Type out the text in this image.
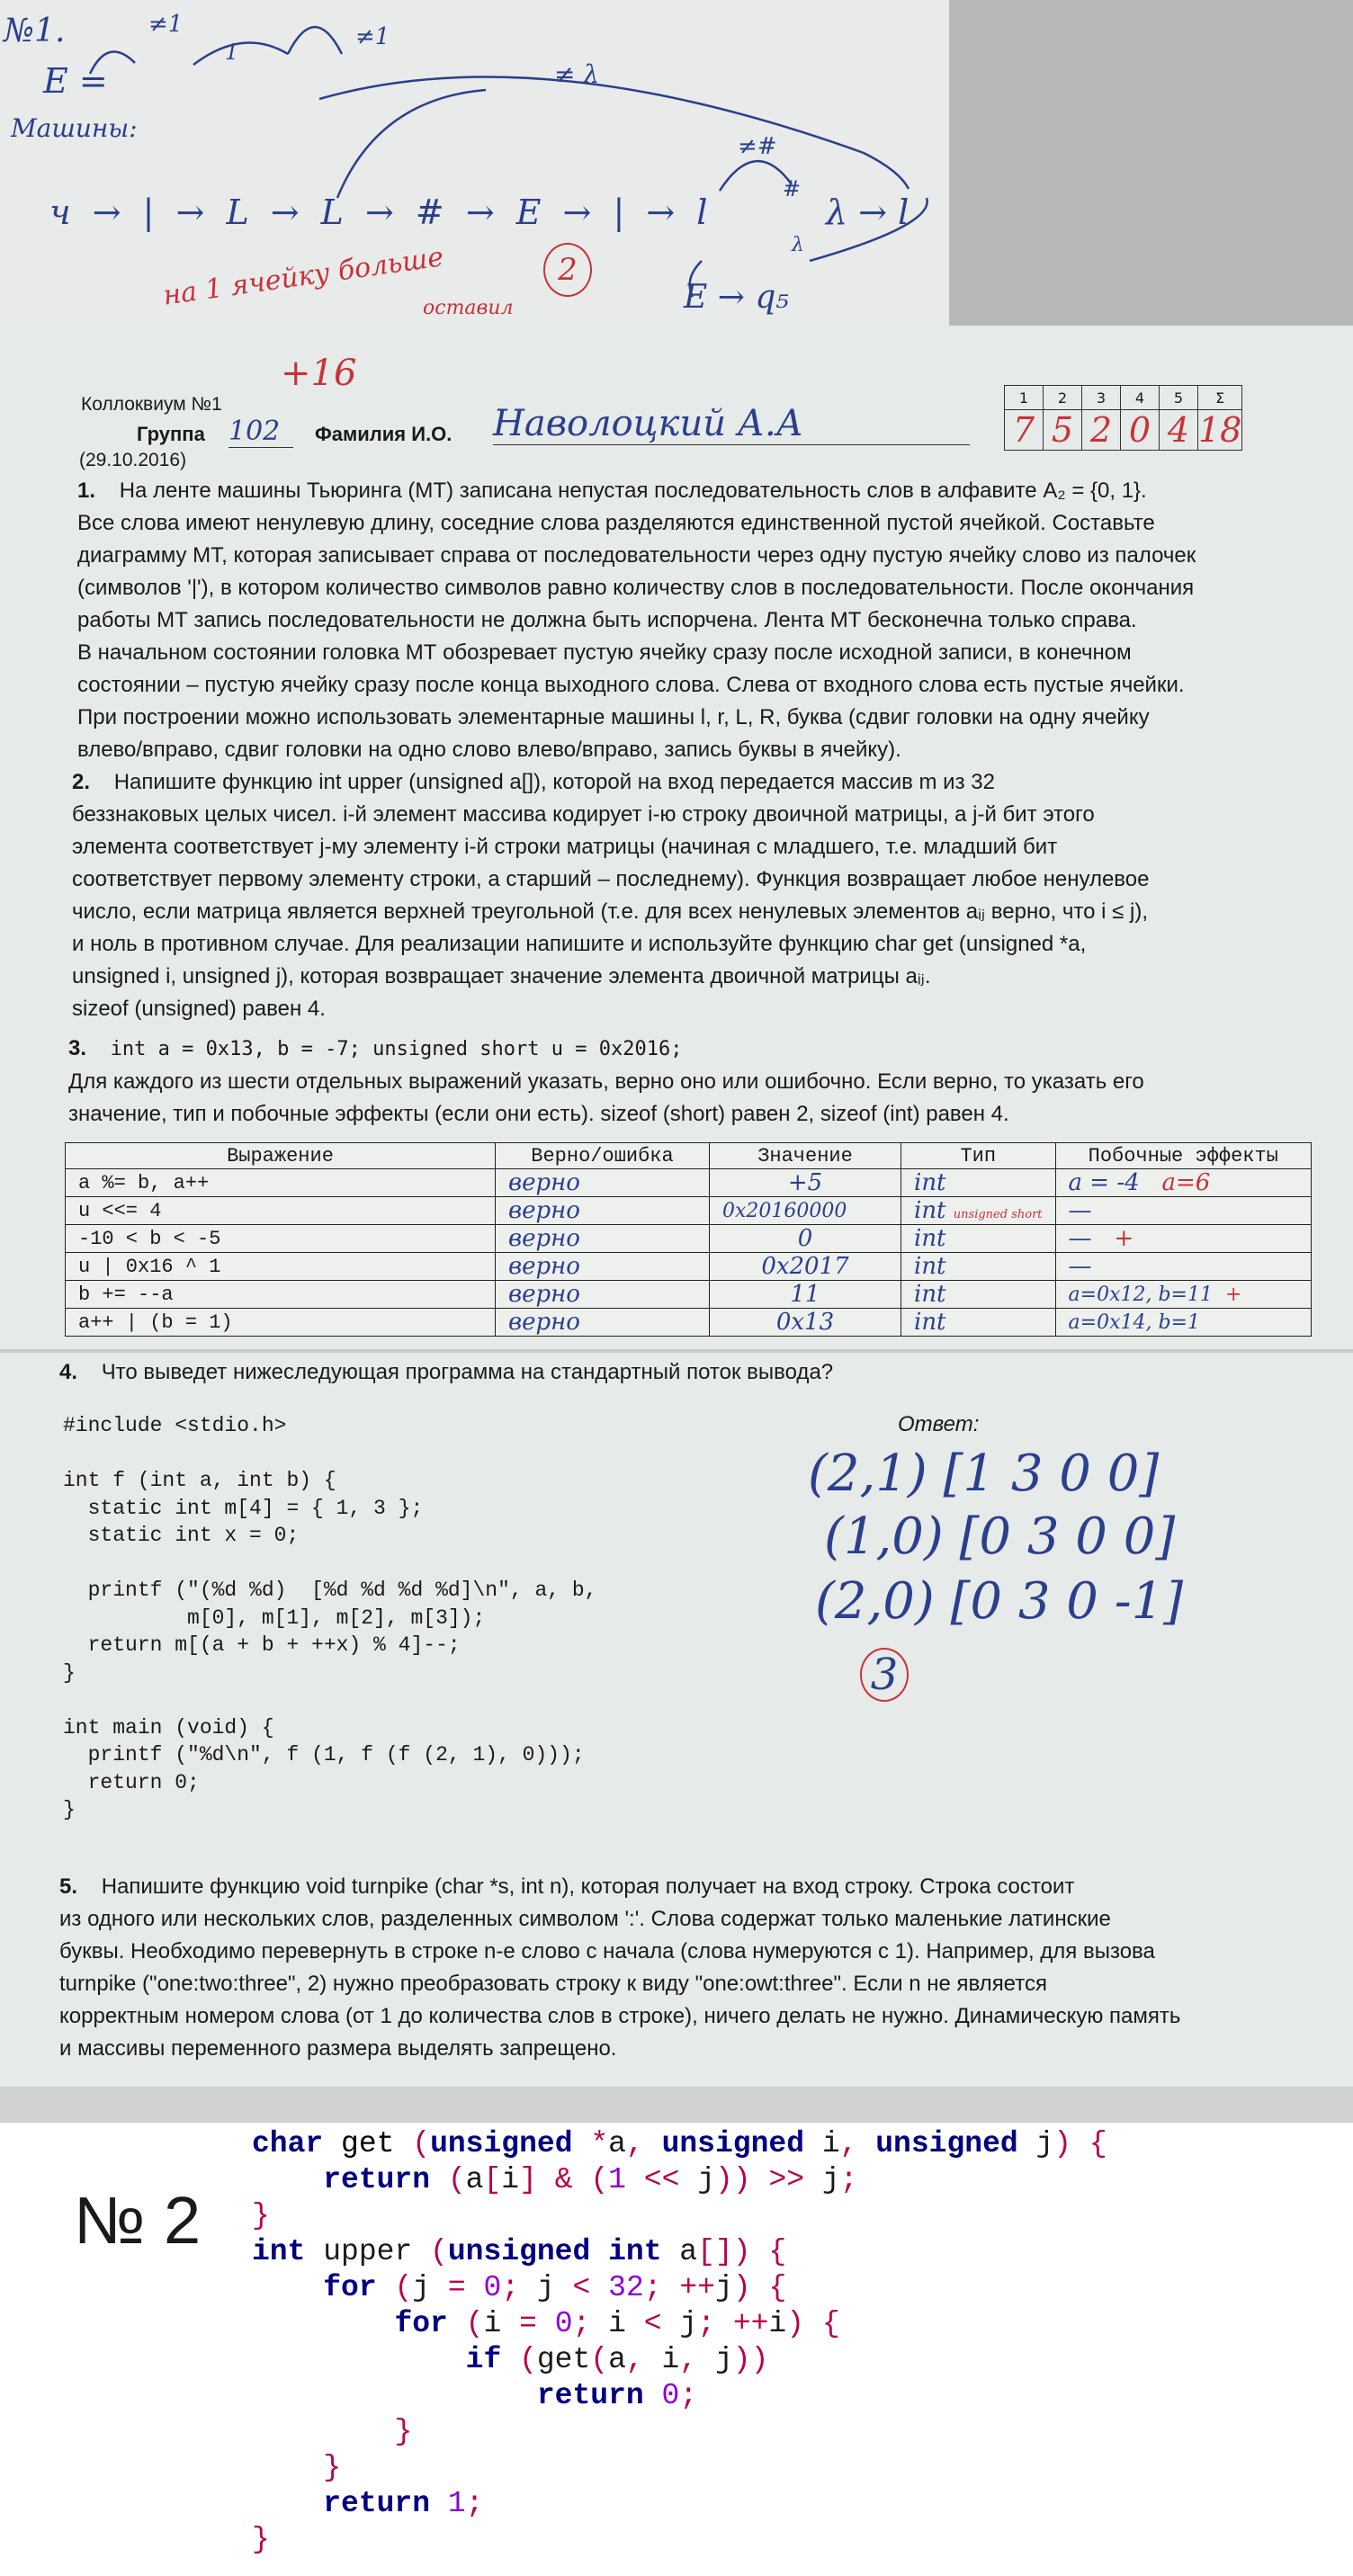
№1.
E =
≠1	≠1
1
Машины:
≠ λ
≠#
#
ч → | → L → L → # → E → | → l	λ → l
λ
E → q₅
на 1 ячейку больше
оставил
2
+16
Коллоквиум №1
Группа 102	Фамилия И.О. Наволоцкий А.А
(29.10.2016)
1	2	3	4	5	Σ
7	5	2	0	4	18
1. На ленте машины Тьюринга (МТ) записана непустая последовательность слов в алфавите A₂ = {0, 1}.
Все слова имеют ненулевую длину, соседние слова разделяются единственной пустой ячейкой. Составьте
диаграмму МТ, которая записывает справа от последовательности через одну пустую ячейку слово из палочек
(символов '|'), в котором количество символов равно количеству слов в последовательности. После окончания
работы МТ запись последовательности не должна быть испорчена. Лента МТ бесконечна только справа.
В начальном состоянии головка МТ обозревает пустую ячейку сразу после исходной записи, в конечном
состоянии – пустую ячейку сразу после конца выходного слова. Слева от входного слова есть пустые ячейки.
При построении можно использовать элементарные машины l, r, L, R, буква (сдвиг головки на одну ячейку
влево/вправо, сдвиг головки на одно слово влево/вправо, запись буквы в ячейку).
2. Напишите функцию int upper (unsigned a[]), которой на вход передается массив m из 32
беззнаковых целых чисел. i-й элемент массива кодирует i-ю строку двоичной матрицы, а j-й бит этого
элемента соответствует j-му элементу i-й строки матрицы (начиная с младшего, т.е. младший бит
соответствует первому элементу строки, а старший – последнему). Функция возвращает любое ненулевое
число, если матрица является верхней треугольной (т.е. для всех ненулевых элементов aᵢⱼ верно, что i ≤ j),
и ноль в противном случае. Для реализации напишите и используйте функцию char get (unsigned *a,
unsigned i, unsigned j), которая возвращает значение элемента двоичной матрицы aᵢⱼ.
sizeof (unsigned) равен 4.
3. int a = 0x13, b = -7; unsigned short u = 0x2016;
Для каждого из шести отдельных выражений указать, верно оно или ошибочно. Если верно, то указать его
значение, тип и побочные эффекты (если они есть). sizeof (short) равен 2, sizeof (int) равен 4.
Выражение	Верно/ошибка	Значение	Тип	Побочные эффекты
a %= b, a++	верно	+5	int	a = -4 a=6
u <<= 4	верно	0x20160000	int unsigned short	—
-10 < b < -5	верно	0	int	— +
u | 0x16 ^ 1	верно	0x2017	int	—
b += --a	верно	11	int	a=0x12, b=11 +
a++ | (b = 1)	верно	0x13	int	a=0x14, b=1
4. Что выведет нижеследующая программа на стандартный поток вывода?
Ответ:
#include <stdio.h>

int f (int a, int b) {
static int m[4] = { 1, 3 };
static int x = 0;

printf ("(%d %d)  [%d %d %d %d]\n", a, b,
m[0], m[1], m[2], m[3]);
return m[(a + b + ++x) % 4]--;
}

int main (void) {
printf ("%d\n", f (1, f (f (2, 1), 0)));
return 0;
}
(2,1) [1 3 0 0]
(1,0) [0 3 0 0]
(2,0) [0 3 0 -1]
3
5. Напишите функцию void turnpike (char *s, int n), которая получает на вход строку. Строка состоит
из одного или нескольких слов, разделенных символом ':'. Слова содержат только маленькие латинские
буквы. Необходимо перевернуть в строке n-е слово с начала (слова нумеруются с 1). Например, для вызова
turnpike ("one:two:three", 2) нужно преобразовать строку к виду "one:owt:three". Если n не является
корректным номером слова (от 1 до количества слов в строке), ничего делать не нужно. Динамическую память
и массивы переменного размера выделять запрещено.
№ 2
char get (unsigned *a, unsigned i, unsigned j) {
return (a[i] & (1 << j)) >> j;
}
int upper (unsigned int a[]) {
for (j = 0; j < 32; ++j) {
for (i = 0; i < j; ++i) {
if (get(a, i, j))
return 0;
}
}
return 1;
}
